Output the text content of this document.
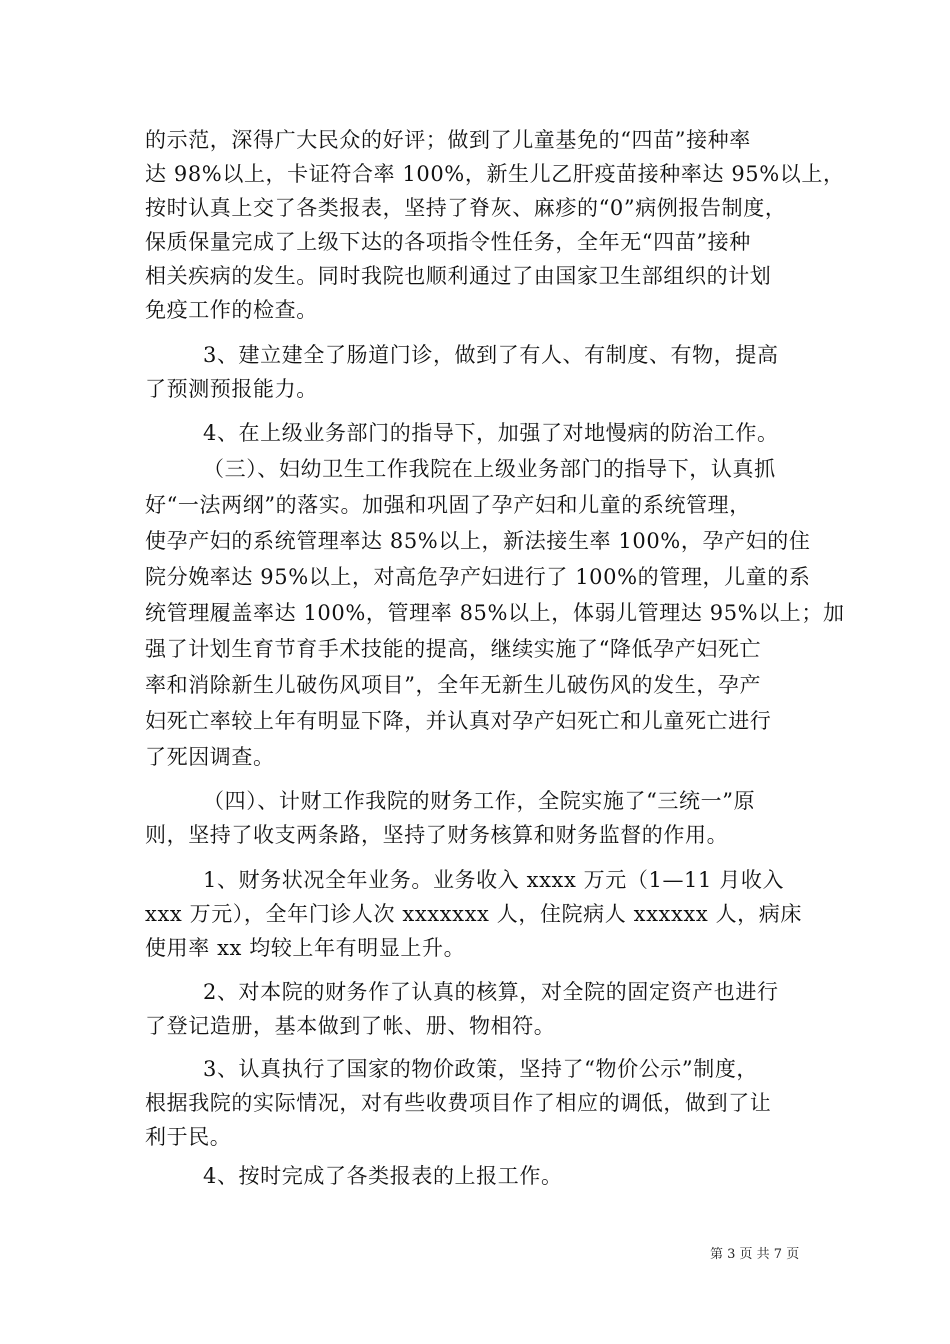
的示范，深得广大民众的好评；做到了儿童基免的“四苗”接种率
达 98%以上，卡证符合率 100%，新生儿乙肝疫苗接种率达 95%以上，
按时认真上交了各类报表，坚持了脊灰、麻疹的“0”病例报告制度，
保质保量完成了上级下达的各项指令性任务，全年无“四苗”接种
相关疾病的发生。同时我院也顺利通过了由国家卫生部组织的计划
免疫工作的检查。
3、建立建全了肠道门诊，做到了有人、有制度、有物，提高
了预测预报能力。
4、在上级业务部门的指导下，加强了对地慢病的防治工作。
（三）、妇幼卫生工作我院在上级业务部门的指导下，认真抓
好“一法两纲”的落实。加强和巩固了孕产妇和儿童的系统管理，
使孕产妇的系统管理率达 85%以上，新法接生率 100%，孕产妇的住
院分娩率达 95%以上，对高危孕产妇进行了 100%的管理，儿童的系
统管理履盖率达 100%，管理率 85%以上，体弱儿管理达 95%以上；加
强了计划生育节育手术技能的提高，继续实施了“降低孕产妇死亡
率和消除新生儿破伤风项目”，全年无新生儿破伤风的发生，孕产
妇死亡率较上年有明显下降，并认真对孕产妇死亡和儿童死亡进行
了死因调查。
（四）、计财工作我院的财务工作，全院实施了“三统一”原
则，坚持了收支两条路，坚持了财务核算和财务监督的作用。
1、财务状况全年业务。业务收入 xxxx 万元（1—11 月收入
xxx 万元），全年门诊人次 xxxxxxx 人，住院病人 xxxxxx 人，病床
使用率 xx 均较上年有明显上升。
2、对本院的财务作了认真的核算，对全院的固定资产也进行
了登记造册，基本做到了帐、册、物相符。
3、认真执行了国家的物价政策，坚持了“物价公示”制度，
根据我院的实际情况，对有些收费项目作了相应的调低，做到了让
利于民。
4、按时完成了各类报表的上报工作。
第 3 页 共 7 页
